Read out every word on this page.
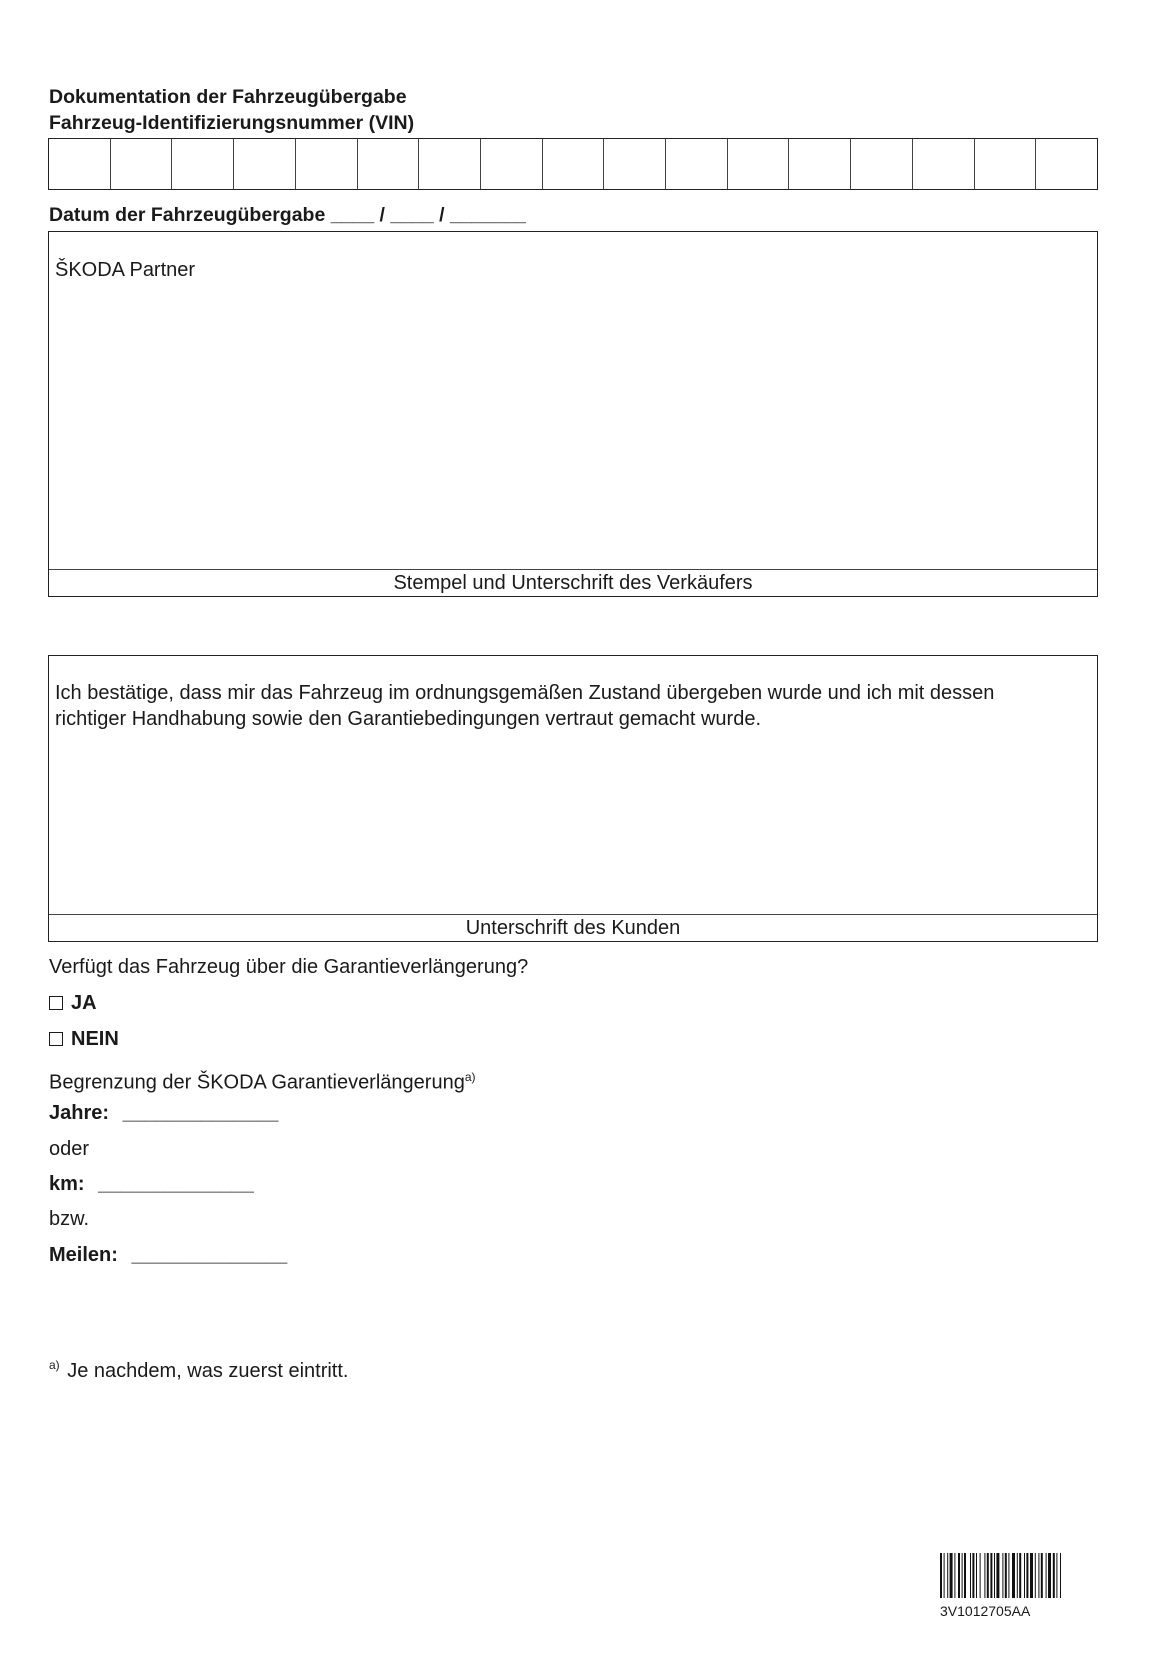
Dokumentation der Fahrzeugübergabe
Fahrzeug-Identifizierungsnummer (VIN)
Datum der Fahrzeugübergabe ____ / ____ / _______
ŠKODA Partner
Stempel und Unterschrift des Verkäufers
Ich bestätige, dass mir das Fahrzeug im ordnungsgemäßen Zustand übergeben wurde und ich mit dessen richtiger Handhabung sowie den Garantiebedingungen vertraut gemacht wurde.
Unterschrift des Kunden
Verfügt das Fahrzeug über die Garantieverlängerung?
JA
NEIN
Begrenzung der ŠKODA Garantieverlängerung$^{a)}$
Jahre: ______________
oder
km: ______________
bzw.
Meilen: ______________
$^{a)}$ Je nachdem, was zuerst eintritt.
3V1012705AA
